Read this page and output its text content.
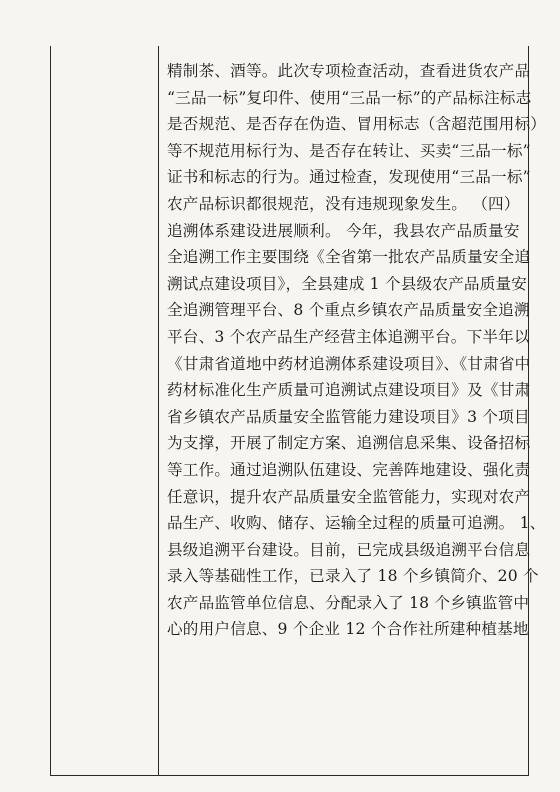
精制茶、酒等。此次专项检查活动，查看进货农产品
“三品一标”复印件、使用“三品一标”的产品标注标志
是否规范、是否存在伪造、冒用标志（含超范围用标）
等不规范用标行为、是否存在转让、买卖“三品一标”
证书和标志的行为。通过检查，发现使用“三品一标”
农产品标识都很规范，没有违规现象发生。 （四）
追溯体系建设进展顺利。 今年，我县农产品质量安
全追溯工作主要围绕《全省第一批农产品质量安全追
溯试点建设项目》，全县建成 1 个县级农产品质量安
全追溯管理平台、8 个重点乡镇农产品质量安全追溯
平台、3 个农产品生产经营主体追溯平台。下半年以
《甘肃省道地中药材追溯体系建设项目》、《甘肃省中
药材标准化生产质量可追溯试点建设项目》及《甘肃
省乡镇农产品质量安全监管能力建设项目》3 个项目
为支撑，开展了制定方案、追溯信息采集、设备招标
等工作。通过追溯队伍建设、完善阵地建设、强化责
任意识，提升农产品质量安全监管能力，实现对农产
品生产、收购、储存、运输全过程的质量可追溯。 1、
县级追溯平台建设。目前，已完成县级追溯平台信息
录入等基础性工作，已录入了 18 个乡镇简介、20 个
农产品监管单位信息、分配录入了 18 个乡镇监管中
心的用户信息、9 个企业 12 个合作社所建种植基地
